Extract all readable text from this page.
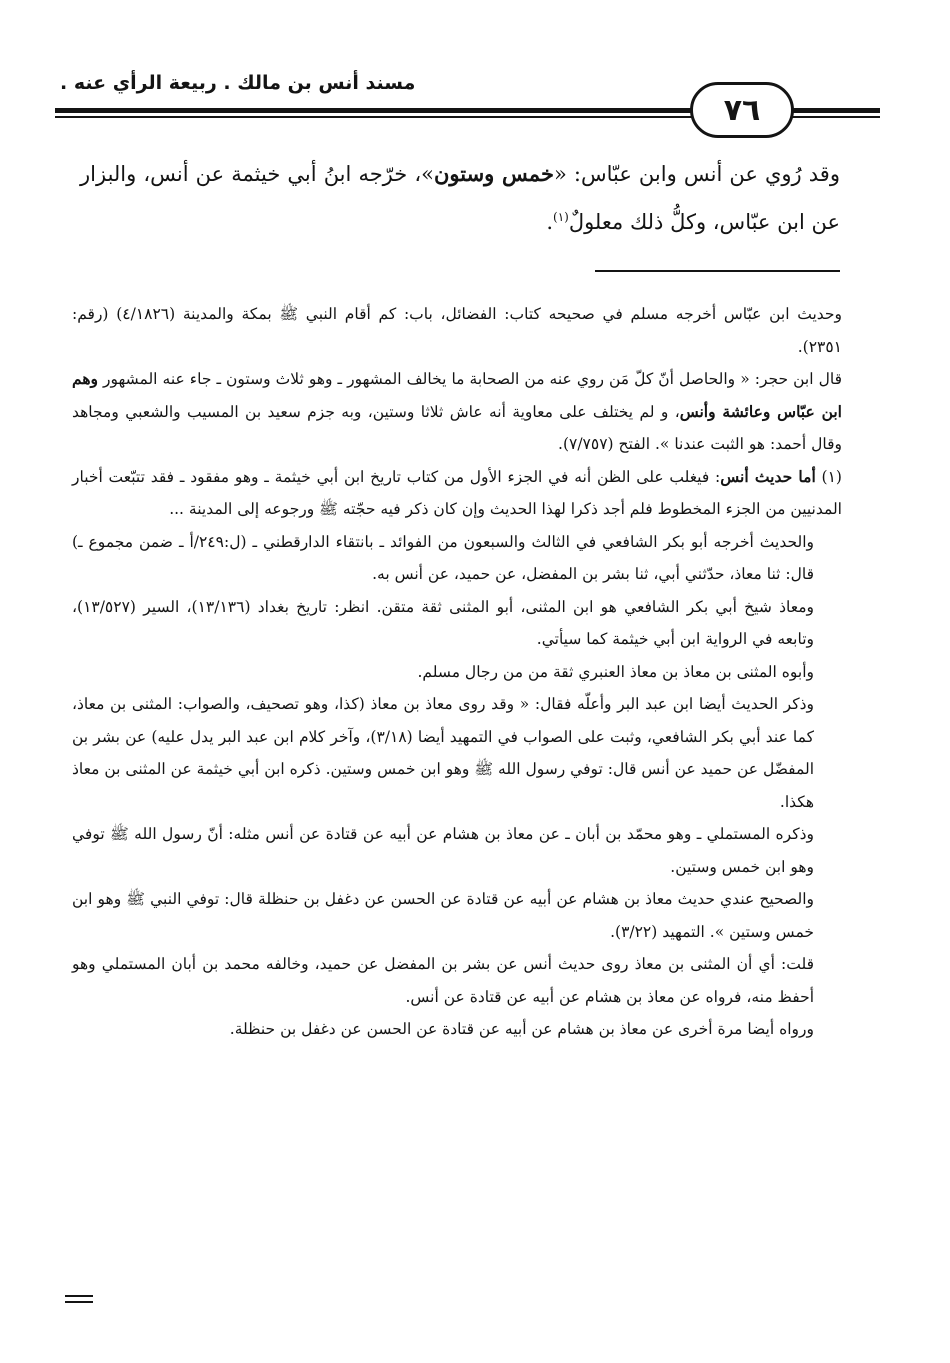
مسند أنس بن مالك . ربيعة الرأي عنه .
٧٦

وقد رُوي عن أنس وابن عبّاس: «خمس وستون»، خرّجه ابنُ أبي خيثمة عن أنس، والبزار عن ابن عبّاس، وكلُّ ذلك معلولٌ$^{(١)}$.

وحديث ابن عبّاس أخرجه مسلم في صحيحه كتاب: الفضائل، باب: كم أقام النبي ﷺ بمكة والمدينة (٤/١٨٢٦) (رقم: ٢٣٥١).

قال ابن حجر: « والحاصل أنّ كلّ مَن روي عنه من الصحابة ما يخالف المشهور ـ وهو ثلاث وستون ـ جاء عنه المشهور وهم ابن عبّاس وعائشة وأنس، و لم يختلف على معاوية أنه عاش ثلاثا وستين، وبه جزم سعيد بن المسيب والشعبي ومجاهد وقال أحمد: هو الثبت عندنا ». الفتح (٧/٧٥٧).

(١) أما حديث أنس: فيغلب على الظن أنه في الجزء الأول من كتاب تاريخ ابن أبي خيثمة ـ وهو مفقود ـ فقد تتبّعت أخبار المدنيين من الجزء المخطوط فلم أجد ذكرا لهذا الحديث وإن كان ذكر فيه حجّته ﷺ ورجوعه إلى المدينة ...

والحديث أخرجه أبو بكر الشافعي في الثالث والسبعون من الفوائد ـ بانتقاء الدارقطني ـ (ل:٢٤٩/أ ـ ضمن مجموع ـ) قال: ثنا معاذ، حدّثني أبي، ثنا بشر بن المفضل، عن حميد، عن أنس به.

ومعاذ شيخ أبي بكر الشافعي هو ابن المثنى، أبو المثنى ثقة متقن. انظر: تاريخ بغداد (١٣/١٣٦)، السير (١٣/٥٢٧)، وتابعه في الرواية ابن أبي خيثمة كما سيأتي.

وأبوه المثنى بن معاذ بن معاذ العنبري ثقة من من رجال مسلم.

وذكر الحديث أيضا ابن عبد البر وأعلّه فقال: « وقد روى معاذ بن معاذ (كذا، وهو تصحيف، والصواب: المثنى بن معاذ، كما عند أبي بكر الشافعي، وثبت على الصواب في التمهيد أيضا (٣/١٨)، وآخر كلام ابن عبد البر يدل عليه) عن بشر بن المفضّل عن حميد عن أنس قال: توفي رسول الله ﷺ وهو ابن خمس وستين. ذكره ابن أبي خيثمة عن المثنى بن معاذ هكذا.

وذكره المستملي ـ وهو محمّد بن أبان ـ عن معاذ بن هشام عن أبيه عن قتادة عن أنس مثله: أنّ رسول الله ﷺ توفي وهو ابن خمس وستين.

والصحيح عندي حديث معاذ بن هشام عن أبيه عن قتادة عن الحسن عن دغفل بن حنظلة قال: توفي النبي ﷺ وهو ابن خمس وستين ». التمهيد (٣/٢٢).

قلت: أي أن المثنى بن معاذ روى حديث أنس عن بشر بن المفضل عن حميد، وخالفه محمد بن أبان المستملي وهو أحفظ منه، فرواه عن معاذ بن هشام عن أبيه عن قتادة عن أنس.

ورواه أيضا مرة أخرى عن معاذ بن هشام عن أبيه عن قتادة عن الحسن عن دغفل بن حنظلة.
